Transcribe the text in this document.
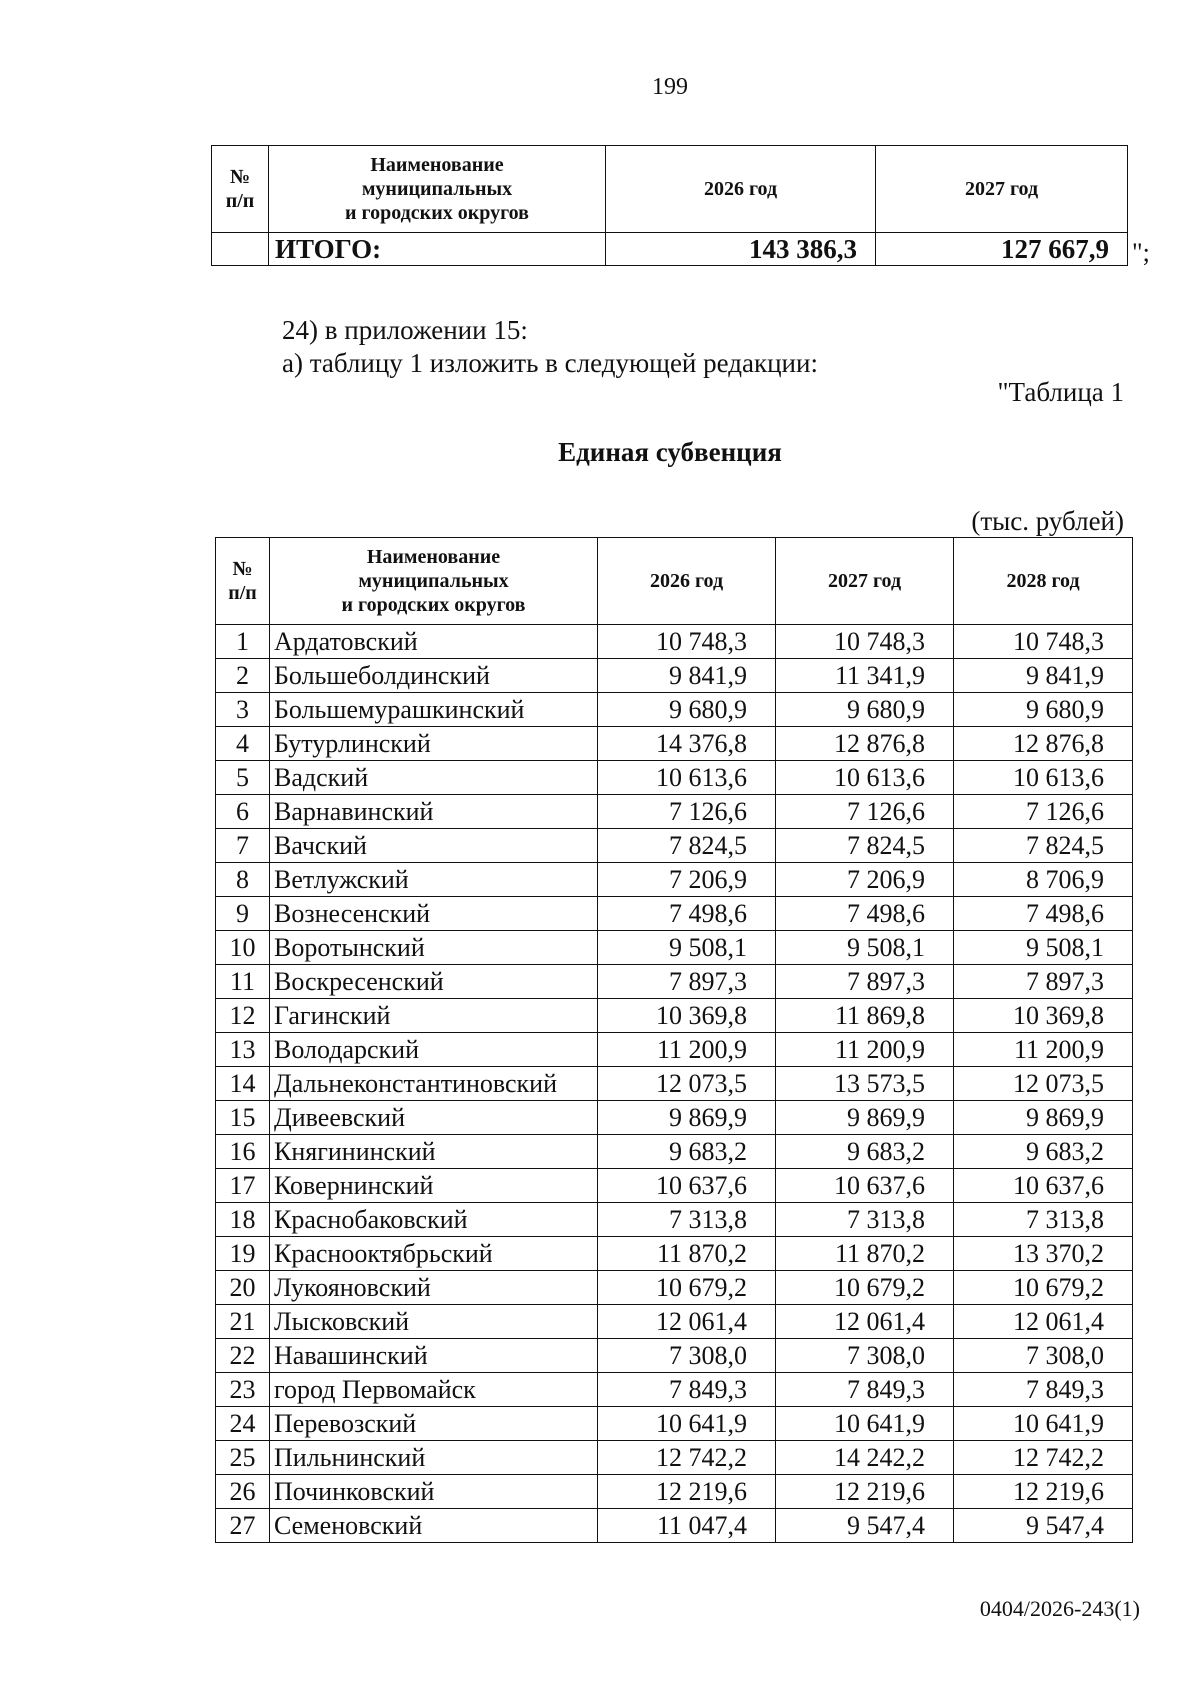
199
№
п/п	Наименование
муниципальных
и городских округов	2026 год	2027 год
	ИТОГО:	143 386,3	127 667,9 ";
24) в приложении 15:
а) таблицу 1 изложить в следующей редакции:
"Таблица 1
Единая субвенция
(тыс. рублей)
№
п/п	Наименование
муниципальных
и городских округов	2026 год	2027 год	2028 год
1	Ардатовский	10 748,3	10 748,3	10 748,3
2	Большеболдинский	9 841,9	11 341,9	9 841,9
3	Большемурашкинский	9 680,9	9 680,9	9 680,9
4	Бутурлинский	14 376,8	12 876,8	12 876,8
5	Вадский	10 613,6	10 613,6	10 613,6
6	Варнавинский	7 126,6	7 126,6	7 126,6
7	Вачский	7 824,5	7 824,5	7 824,5
8	Ветлужский	7 206,9	7 206,9	8 706,9
9	Вознесенский	7 498,6	7 498,6	7 498,6
10	Воротынский	9 508,1	9 508,1	9 508,1
11	Воскресенский	7 897,3	7 897,3	7 897,3
12	Гагинский	10 369,8	11 869,8	10 369,8
13	Володарский	11 200,9	11 200,9	11 200,9
14	Дальнеконстантиновский	12 073,5	13 573,5	12 073,5
15	Дивеевский	9 869,9	9 869,9	9 869,9
16	Княгининский	9 683,2	9 683,2	9 683,2
17	Ковернинский	10 637,6	10 637,6	10 637,6
18	Краснобаковский	7 313,8	7 313,8	7 313,8
19	Краснооктябрьский	11 870,2	11 870,2	13 370,2
20	Лукояновский	10 679,2	10 679,2	10 679,2
21	Лысковский	12 061,4	12 061,4	12 061,4
22	Навашинский	7 308,0	7 308,0	7 308,0
23	город Первомайск	7 849,3	7 849,3	7 849,3
24	Перевозский	10 641,9	10 641,9	10 641,9
25	Пильнинский	12 742,2	14 242,2	12 742,2
26	Починковский	12 219,6	12 219,6	12 219,6
27	Семеновский	11 047,4	9 547,4	9 547,4
0404/2026-243(1)
